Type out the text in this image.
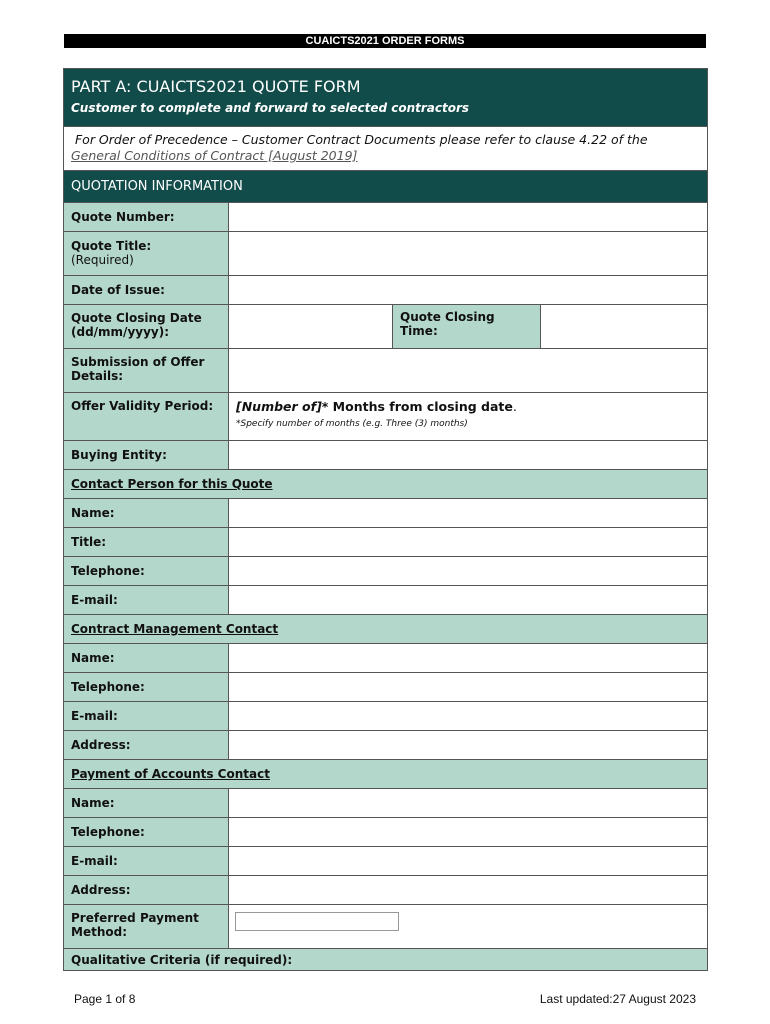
CUAICTS2021 ORDER FORMS
PART A: CUAICTS2021 QUOTE FORM
Customer to complete and forward to selected contractors
For Order of Precedence – Customer Contract Documents please refer to clause 4.22 of the
General Conditions of Contract [August 2019]
QUOTATION INFORMATION
Quote Number:
Quote Title:
(Required)
Date of Issue:
Quote Closing Date (dd/mm/yyyy):
Quote Closing Time:
Submission of Offer Details:
Offer Validity Period:	[Number of]* Months from closing date.
*Specify number of months (e.g. Three (3) months)
Buying Entity:
Contact Person for this Quote
Name:
Title:
Telephone:
E-mail:
Contract Management Contact
Name:
Telephone:
E-mail:
Address:
Payment of Accounts Contact
Name:
Telephone:
E-mail:
Address:
Preferred Payment Method:
Qualitative Criteria (if required):
Page 1 of 8	Last updated:27 August 2023
